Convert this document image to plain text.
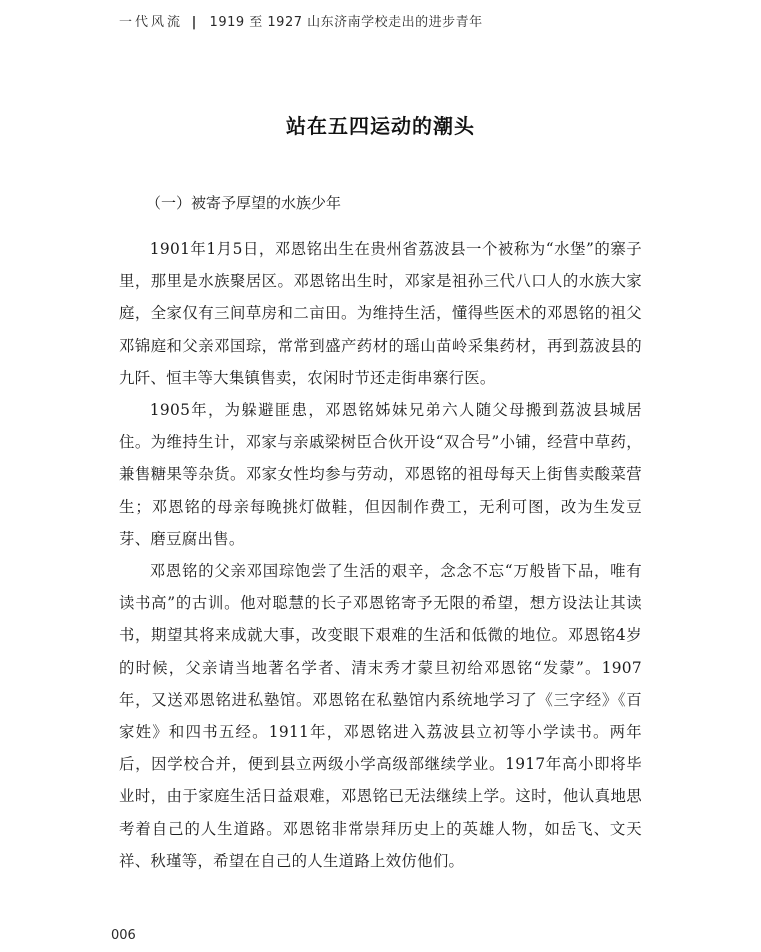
一代风流 | 1919 至 1927 山东济南学校走出的进步青年
站在五四运动的潮头
（一）被寄予厚望的水族少年

1901年1月5日，邓恩铭出生在贵州省荔波县一个被称为“水堡”的寨子里，那里是水族聚居区。邓恩铭出生时，邓家是祖孙三代八口人的水族大家庭，全家仅有三间草房和二亩田。为维持生活，懂得些医术的邓恩铭的祖父邓锦庭和父亲邓国琮，常常到盛产药材的瑶山苗岭采集药材，再到荔波县的九阡、恒丰等大集镇售卖，农闲时节还走街串寨行医。

1905年，为躲避匪患，邓恩铭姊妹兄弟六人随父母搬到荔波县城居住。为维持生计，邓家与亲戚梁树臣合伙开设“双合号”小铺，经营中草药，兼售糖果等杂货。邓家女性均参与劳动，邓恩铭的祖母每天上街售卖酸菜营生；邓恩铭的母亲每晚挑灯做鞋，但因制作费工，无利可图，改为生发豆芽、磨豆腐出售。

邓恩铭的父亲邓国琮饱尝了生活的艰辛，念念不忘“万般皆下品，唯有读书高”的古训。他对聪慧的长子邓恩铭寄予无限的希望，想方设法让其读书，期望其将来成就大事，改变眼下艰难的生活和低微的地位。邓恩铭4岁的时候，父亲请当地著名学者、清末秀才蒙旦初给邓恩铭“发蒙”。1907年，又送邓恩铭进私塾馆。邓恩铭在私塾馆内系统地学习了《三字经》《百家姓》和四书五经。1911年，邓恩铭进入荔波县立初等小学读书。两年后，因学校合并，便到县立两级小学高级部继续学业。1917年高小即将毕业时，由于家庭生活日益艰难，邓恩铭已无法继续上学。这时，他认真地思考着自己的人生道路。邓恩铭非常崇拜历史上的英雄人物，如岳飞、文天祥、秋瑾等，希望在自己的人生道路上效仿他们。

006
